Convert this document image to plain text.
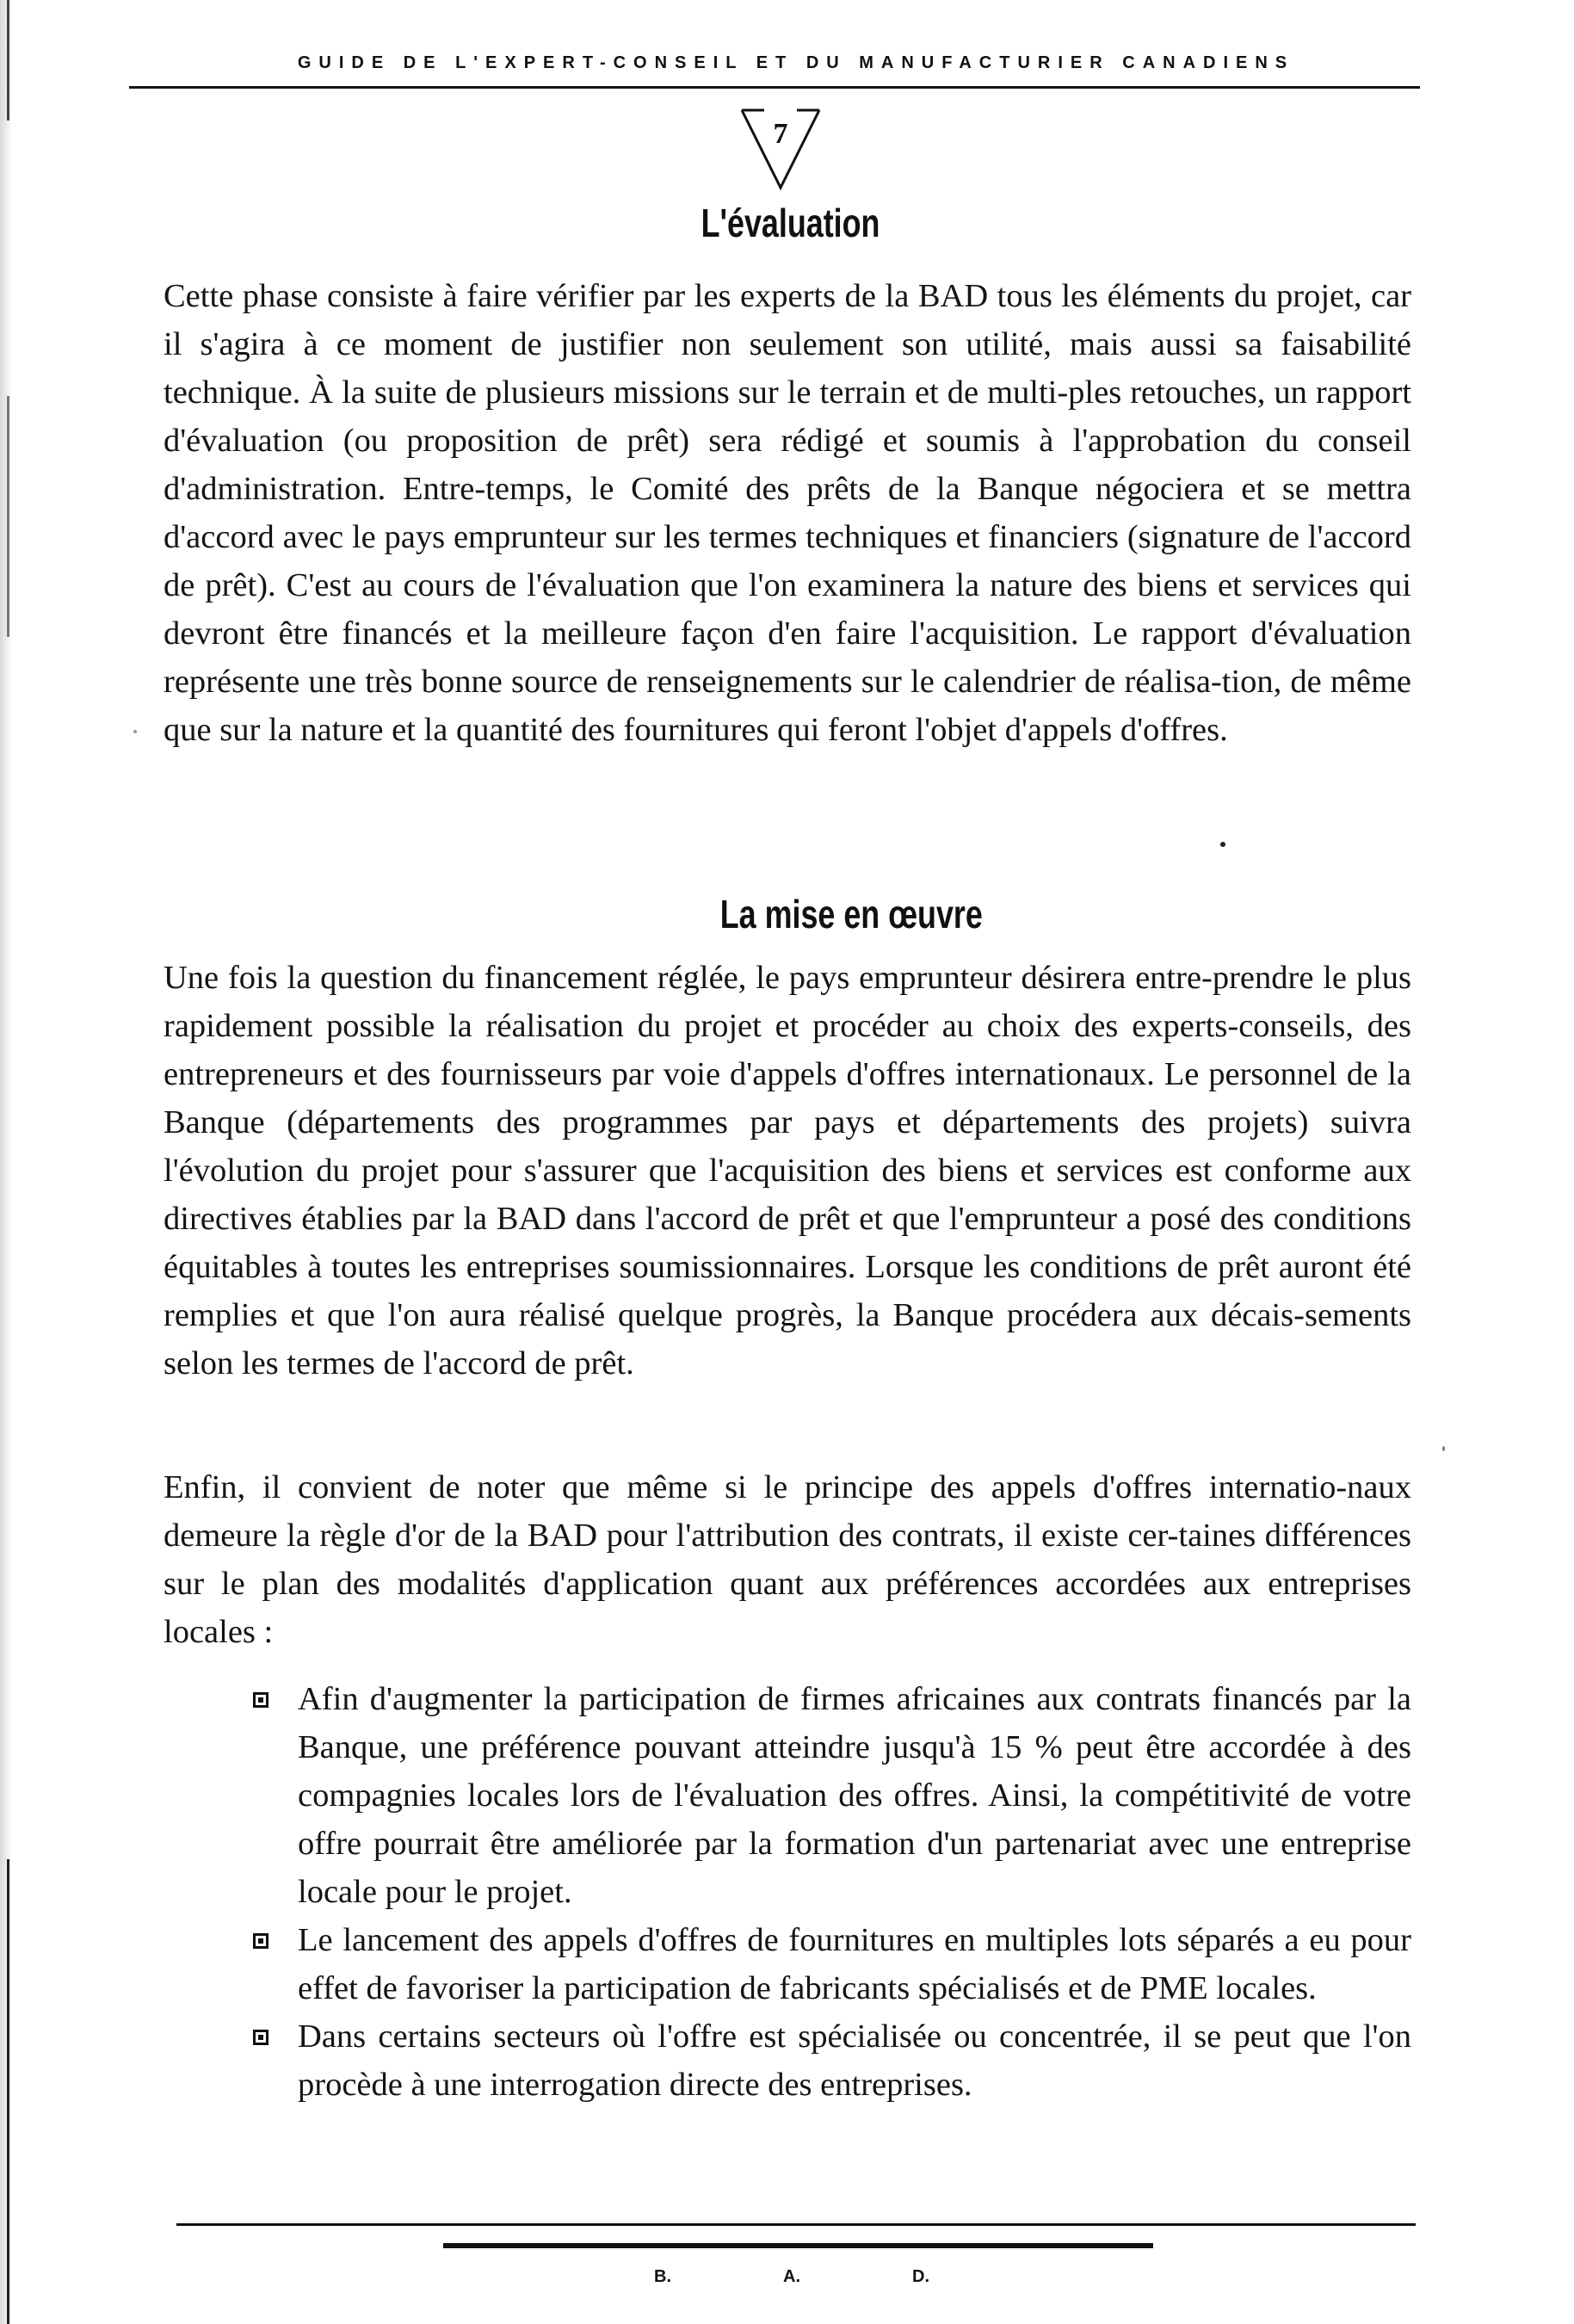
GUIDE DE L'EXPERT-CONSEIL ET DU MANUFACTURIER CANADIENS
7
L'évaluation

Cette phase consiste à faire vérifier par les experts de la BAD tous les éléments du projet, car il s'agira à ce moment de justifier non seulement son utilité, mais aussi sa faisabilité technique. À la suite de plusieurs missions sur le terrain et de multi-ples retouches, un rapport d'évaluation (ou proposition de prêt) sera rédigé et soumis à l'approbation du conseil d'administration. Entre-temps, le Comité des prêts de la Banque négociera et se mettra d'accord avec le pays emprunteur sur les termes techniques et financiers (signature de l'accord de prêt). C'est au cours de l'évaluation que l'on examinera la nature des biens et services qui devront être financés et la meilleure façon d'en faire l'acquisition. Le rapport d'évaluation représente une très bonne source de renseignements sur le calendrier de réalisa-tion, de même que sur la nature et la quantité des fournitures qui feront l'objet d'appels d'offres.

La mise en œuvre

Une fois la question du financement réglée, le pays emprunteur désirera entre-prendre le plus rapidement possible la réalisation du projet et procéder au choix des experts-conseils, des entrepreneurs et des fournisseurs par voie d'appels d'offres internationaux. Le personnel de la Banque (départements des programmes par pays et départements des projets) suivra l'évolution du projet pour s'assurer que l'acquisition des biens et services est conforme aux directives établies par la BAD dans l'accord de prêt et que l'emprunteur a posé des conditions équitables à toutes les entreprises soumissionnaires. Lorsque les conditions de prêt auront été remplies et que l'on aura réalisé quelque progrès, la Banque procédera aux décais-sements selon les termes de l'accord de prêt.

Enfin, il convient de noter que même si le principe des appels d'offres internatio-naux demeure la règle d'or de la BAD pour l'attribution des contrats, il existe cer-taines différences sur le plan des modalités d'application quant aux préférences accordées aux entreprises locales :

Afin d'augmenter la participation de firmes africaines aux contrats financés par la Banque, une préférence pouvant atteindre jusqu'à 15 % peut être accordée à des compagnies locales lors de l'évaluation des offres. Ainsi, la compétitivité de votre offre pourrait être améliorée par la formation d'un partenariat avec une entreprise locale pour le projet.
Le lancement des appels d'offres de fournitures en multiples lots séparés a eu pour effet de favoriser la participation de fabricants spécialisés et de PME locales.
Dans certains secteurs où l'offre est spécialisée ou concentrée, il se peut que l'on procède à une interrogation directe des entreprises.
B.	A.	D.
